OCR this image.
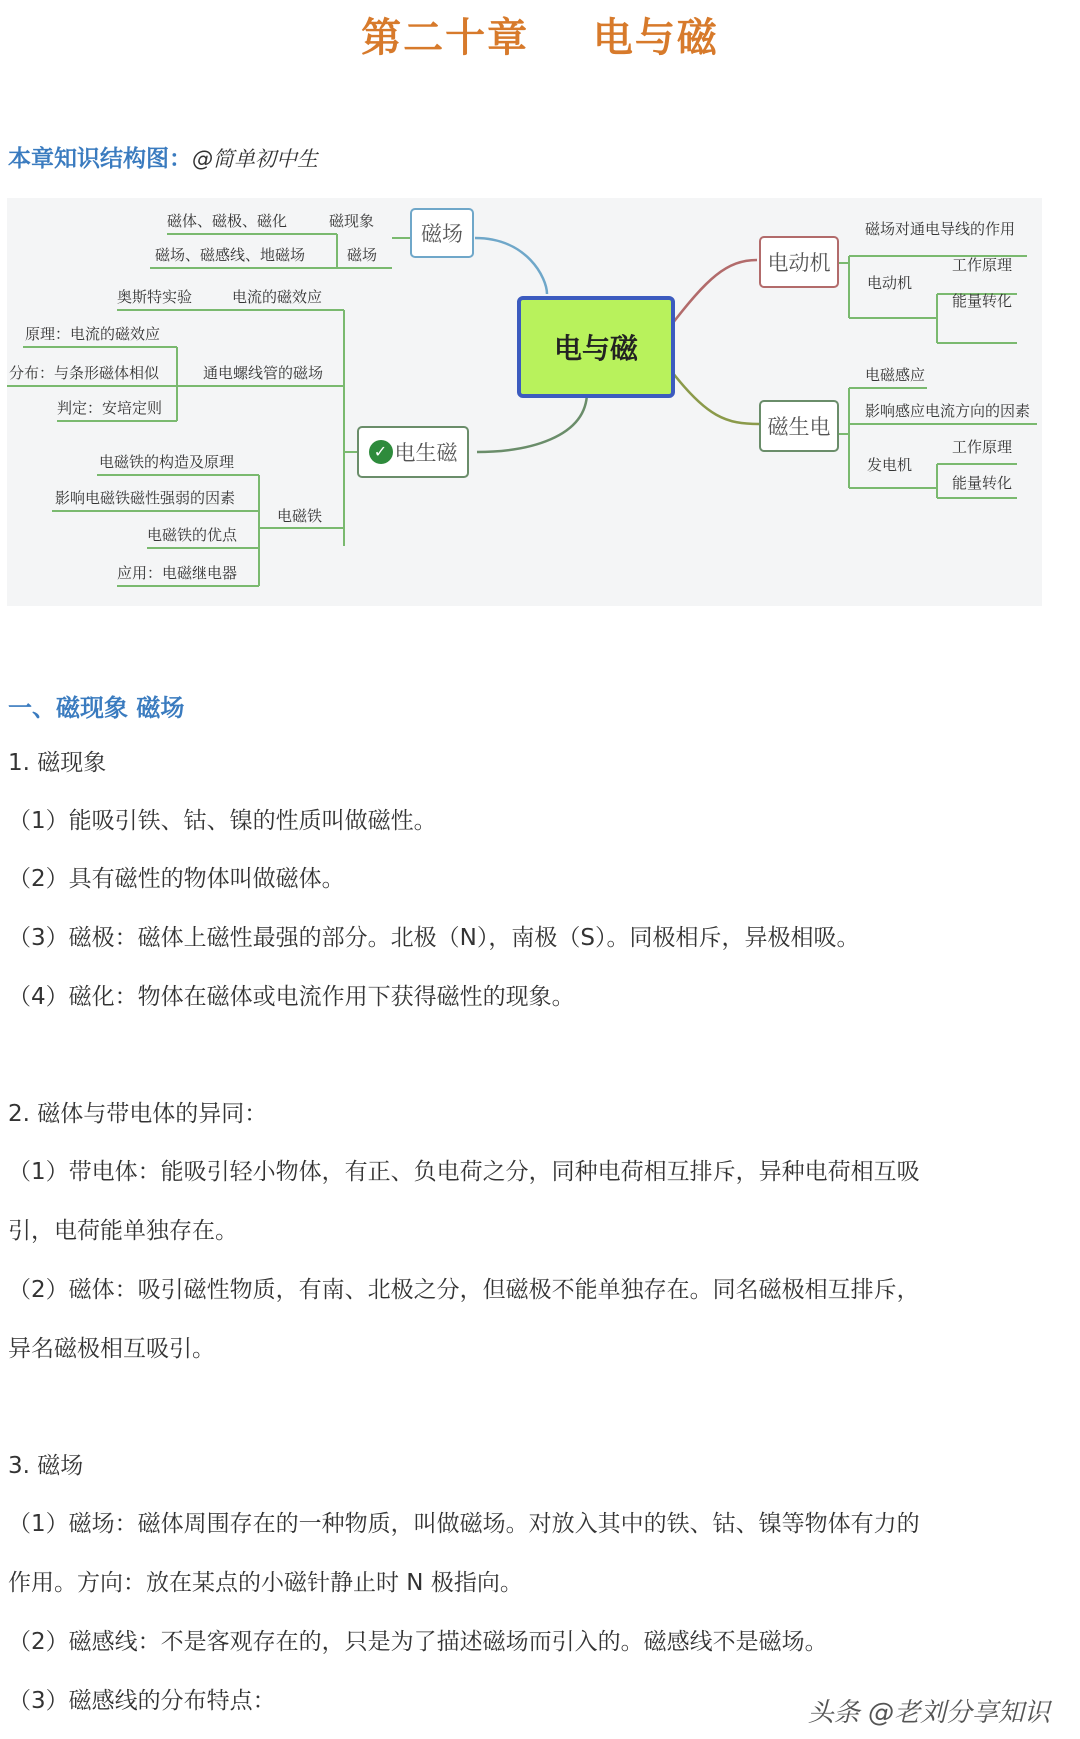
第二十章    电与磁
本章知识结构图：@简单初中生
磁场
磁体、磁极、磁化	磁现象
磁场、磁感线、地磁场	磁场
电与磁
✓ 电生磁
奥斯特实验	电流的磁效应
原理：电流的磁效应
分布：与条形磁体相似	通电螺线管的磁场
判定：安培定则
电磁铁的构造及原理
影响电磁铁磁性强弱的因素
电磁铁的优点
应用：电磁继电器
电磁铁
电动机
磁场对通电导线的作用
电动机
工作原理
能量转化
磁生电
电磁感应
影响感应电流方向的因素
发电机
工作原理
能量转化
一、磁现象 磁场
1. 磁现象
（1）能吸引铁、钴、镍的性质叫做磁性。
（2）具有磁性的物体叫做磁体。
（3）磁极：磁体上磁性最强的部分。北极（N），南极（S）。同极相斥，异极相吸。
（4）磁化：物体在磁体或电流作用下获得磁性的现象。
2. 磁体与带电体的异同：
（1）带电体：能吸引轻小物体，有正、负电荷之分，同种电荷相互排斥，异种电荷相互吸
引，电荷能单独存在。
（2）磁体：吸引磁性物质，有南、北极之分，但磁极不能单独存在。同名磁极相互排斥，
异名磁极相互吸引。
3. 磁场
（1）磁场：磁体周围存在的一种物质，叫做磁场。对放入其中的铁、钴、镍等物体有力的
作用。方向：放在某点的小磁针静止时 N 极指向。
（2）磁感线：不是客观存在的，只是为了描述磁场而引入的。磁感线不是磁场。
（3）磁感线的分布特点：	头条 @老刘分享知识
